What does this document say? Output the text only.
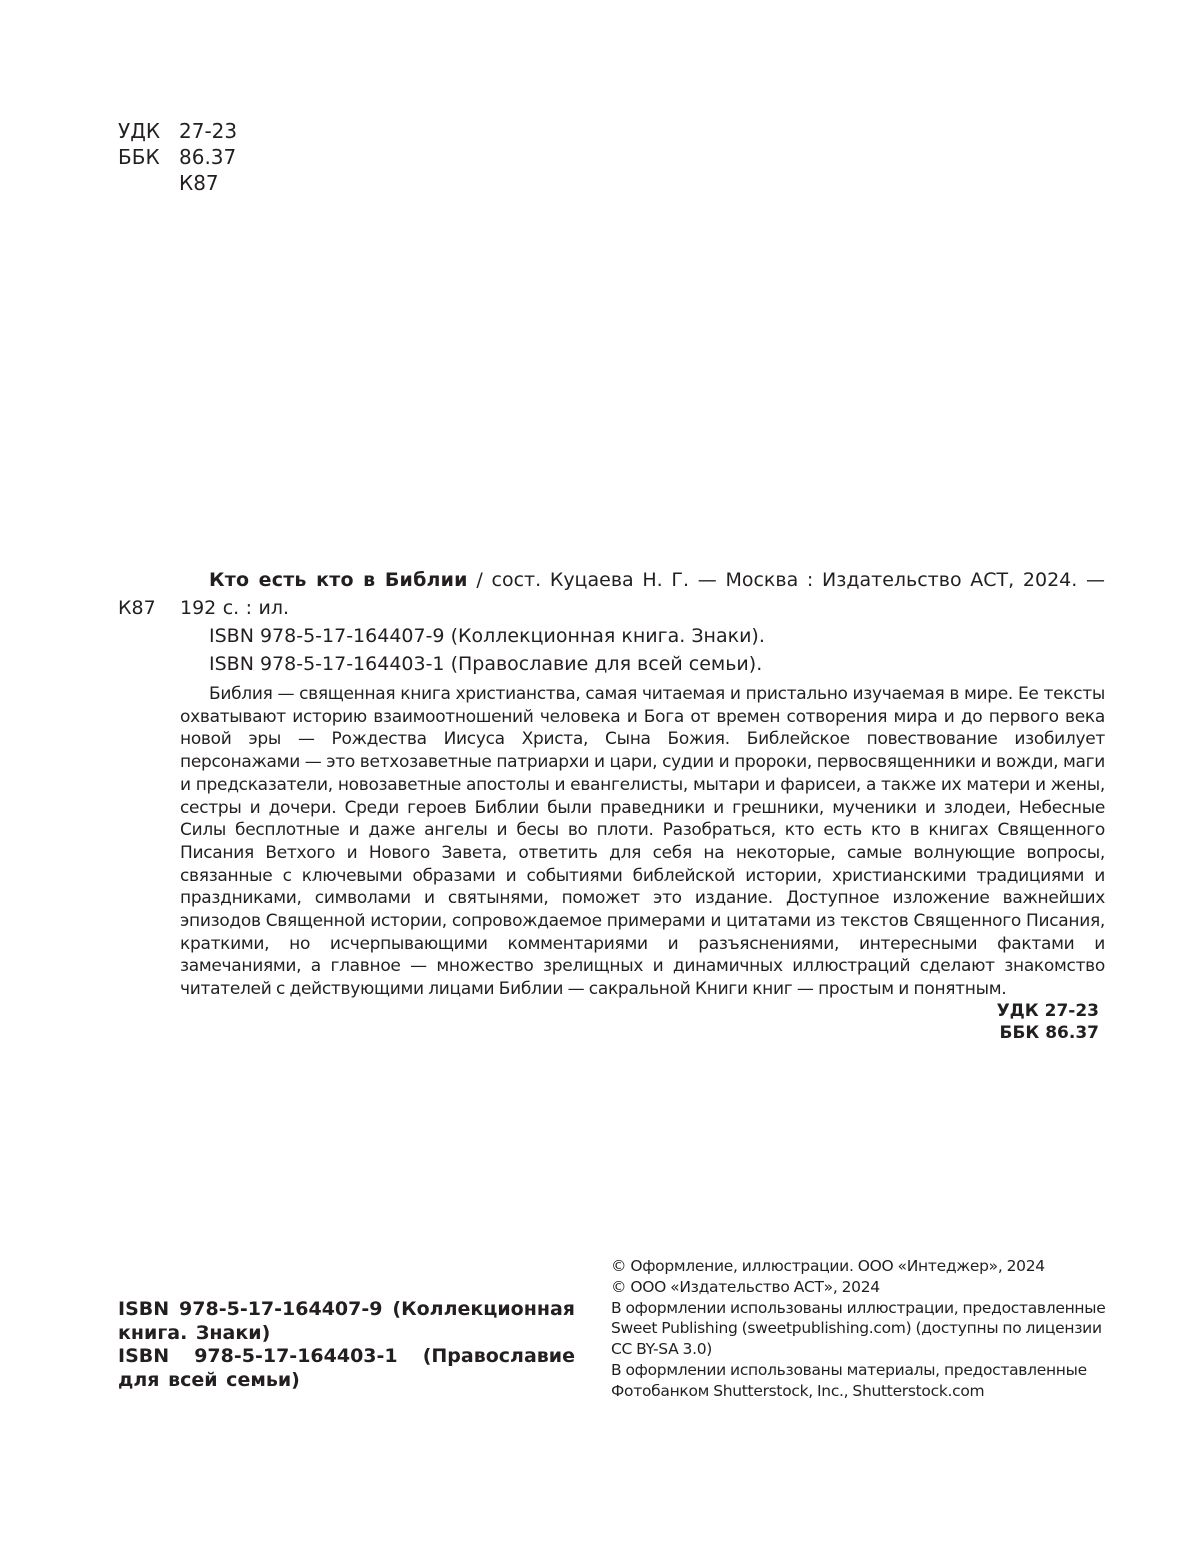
УДК 27-23
ББК 86.37
К87
К87

Кто есть кто в Библии / сост. Куцаева Н. Г. — Москва : Издательство АСТ, 2024. — 192 с. : ил.

ISBN 978-5-17-164407-9 (Коллекционная книга. Знаки).

ISBN 978-5-17-164403-1 (Православие для всей семьи).

Библия — священная книга христианства, самая читаемая и пристально изучаемая в мире. Ее тексты охватывают историю взаимоотношений человека и Бога от времен сотворения мира и до первого века новой эры — Рождества Иисуса Христа, Сына Божия. Библейское повествование изобилует персонажами — это ветхозаветные патриархи и цари, судии и пророки, первосвященники и вожди, маги и предсказатели, новозаветные апостолы и евангелисты, мытари и фарисеи, а также их матери и жены, сестры и дочери. Среди героев Библии были праведники и грешники, мученики и злодеи, Небесные Силы бесплотные и даже ангелы и бесы во плоти. Разобраться, кто есть кто в книгах Священного Писания Ветхого и Нового Завета, ответить для себя на некоторые, самые волнующие вопросы, связанные с ключевыми образами и событиями библейской истории, христианскими традициями и праздниками, символами и святынями, поможет это издание. Доступное изложение важнейших эпизодов Священной истории, сопровождаемое примерами и цитатами из текстов Священного Писания, краткими, но исчерпывающими комментариями и разъяснениями, интересными фактами и замечаниями, а главное — множество зрелищных и динамичных иллюстраций сделают знакомство читателей с действующими лицами Библии — сакральной Книги книг — простым и понятным.

УДК 27-23
ББК 86.37

ISBN 978-5-17-164407-9 (Коллекционная книга. Знаки)

ISBN 978-5-17-164403-1 (Православие для всей семьи)

© Оформление, иллюстрации. ООО «Интеджер», 2024

© ООО «Издательство АСТ», 2024

В оформлении использованы иллюстрации, предоставленные Sweet Publishing (sweetpublishing.com) (доступны по лицензии CC BY-SA 3.0)

В оформлении использованы материалы, предоставленные Фотобанком Shutterstock, Inc., Shutterstock.com
